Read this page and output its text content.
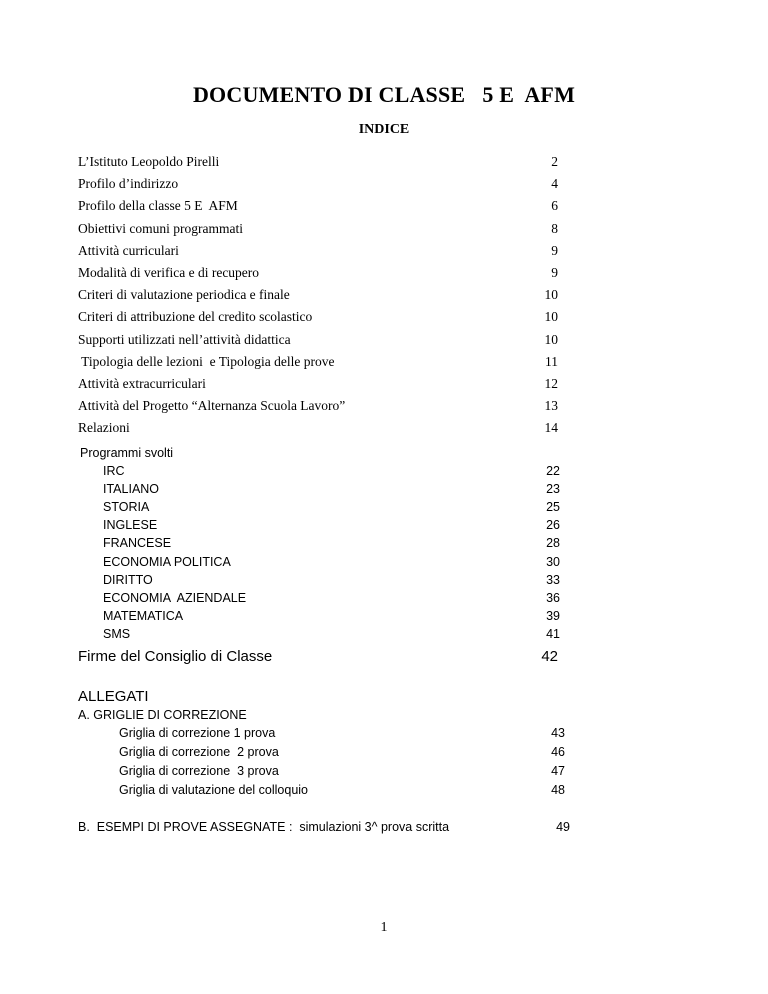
DOCUMENTO DI CLASSE   5 E  AFM
INDICE
L’Istituto Leopoldo Pirelli	2
Profilo d’indirizzo	4
Profilo della classe 5 E  AFM	6
Obiettivi comuni programmati	8
Attività curriculari	9
Modalità di verifica e di recupero	9
Criteri di valutazione periodica e finale	10
Criteri di attribuzione del credito scolastico	10
Supporti utilizzati nell’attività didattica	10
Tipologia delle lezioni  e Tipologia delle prove	11
Attività extracurriculari	12
Attività del Progetto “Alternanza Scuola Lavoro”	13
Relazioni	14
Programmi svolti
IRC	22
ITALIANO	23
STORIA	25
INGLESE	26
FRANCESE	28
ECONOMIA POLITICA	30
DIRITTO	33
ECONOMIA  AZIENDALE	36
MATEMATICA	39
SMS	41
Firme del Consiglio di Classe	42
ALLEGATI
A. GRIGLIE DI CORREZIONE
Griglia di correzione 1 prova	43
Griglia di correzione  2 prova	46
Griglia di correzione  3 prova	47
Griglia di valutazione del colloquio	48
B.  ESEMPI DI PROVE ASSEGNATE :  simulazioni 3^ prova scritta	49
1
